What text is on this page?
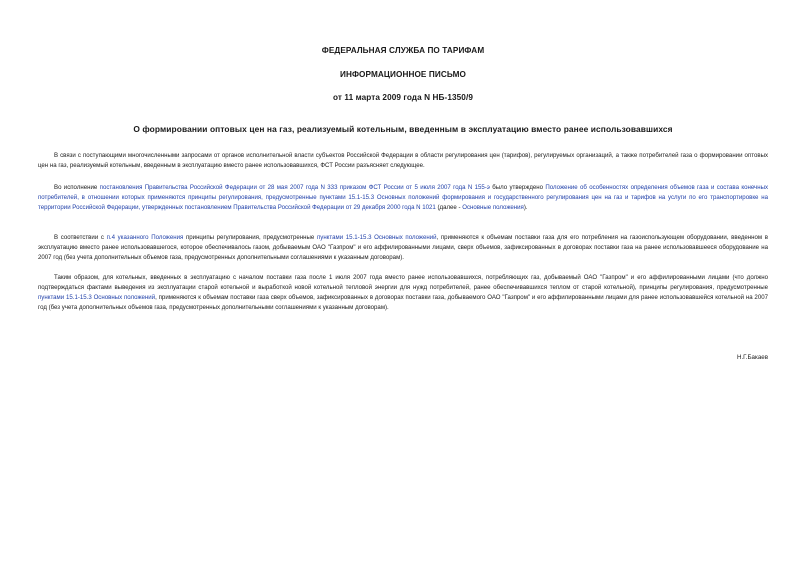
ФЕДЕРАЛЬНАЯ СЛУЖБА ПО ТАРИФАМ
ИНФОРМАЦИОННОЕ ПИСЬМО
от 11 марта 2009 года N НБ-1350/9
О формировании оптовых цен на газ, реализуемый котельным, введенным в эксплуатацию вместо ранее использовавшихся

В связи с поступающими многочисленными запросами от органов исполнительной власти субъектов Российской Федерации в области регулирования цен (тарифов), регулируемых организаций, а также потребителей газа о формировании оптовых цен на газ, реализуемый котельным, введенным в эксплуатацию вместо ранее использовавшихся, ФСТ России разъясняет следующее.

Во исполнение постановления Правительства Российской Федерации от 28 мая 2007 года N 333 приказом ФСТ России от 5 июля 2007 года N 155-э было утверждено Положение об особенностях определения объемов газа и состава конечных потребителей, в отношении которых применяются принципы регулирования, предусмотренные пунктами 15.1-15.3 Основных положений формирования и государственного регулирования цен на газ и тарифов на услуги по его транспортировке на территории Российской Федерации, утвержденных постановлением Правительства Российской Федерации от 29 декабря 2000 года N 1021 (далее - Основные положения).

В соответствии с п.4 указанного Положения принципы регулирования, предусмотренные пунктами 15.1-15.3 Основных положений, применяются к объемам поставки газа для его потребления на газоиспользующем оборудовании, введенном в эксплуатацию вместо ранее использовавшегося, которое обеспечивалось газом, добываемым ОАО "Газпром" и его аффилированными лицами, сверх объемов, зафиксированных в договорах поставки газа на ранее использовавшееся оборудование на 2007 год (без учета дополнительных объемов газа, предусмотренных дополнительными соглашениями к указанным договорам).

Таким образом, для котельных, введенных в эксплуатацию с началом поставки газа после 1 июля 2007 года вместо ранее использовавшихся, потребляющих газ, добываемый ОАО "Газпром" и его аффилированными лицами (что должно подтверждаться фактами выведения из эксплуатации старой котельной и выработкой новой котельной тепловой энергии для нужд потребителей, ранее обеспечивавшихся теплом от старой котельной), принципы регулирования, предусмотренные пунктами 15.1-15.3 Основных положений, применяются к объемам поставки газа сверх объемов, зафиксированных в договорах поставки газа, добываемого ОАО "Газпром" и его аффилированными лицами для ранее использовавшейся котельной на 2007 год (без учета дополнительных объемов газа, предусмотренных дополнительными соглашениями к указанным договорам).

Н.Г.Бакаев
